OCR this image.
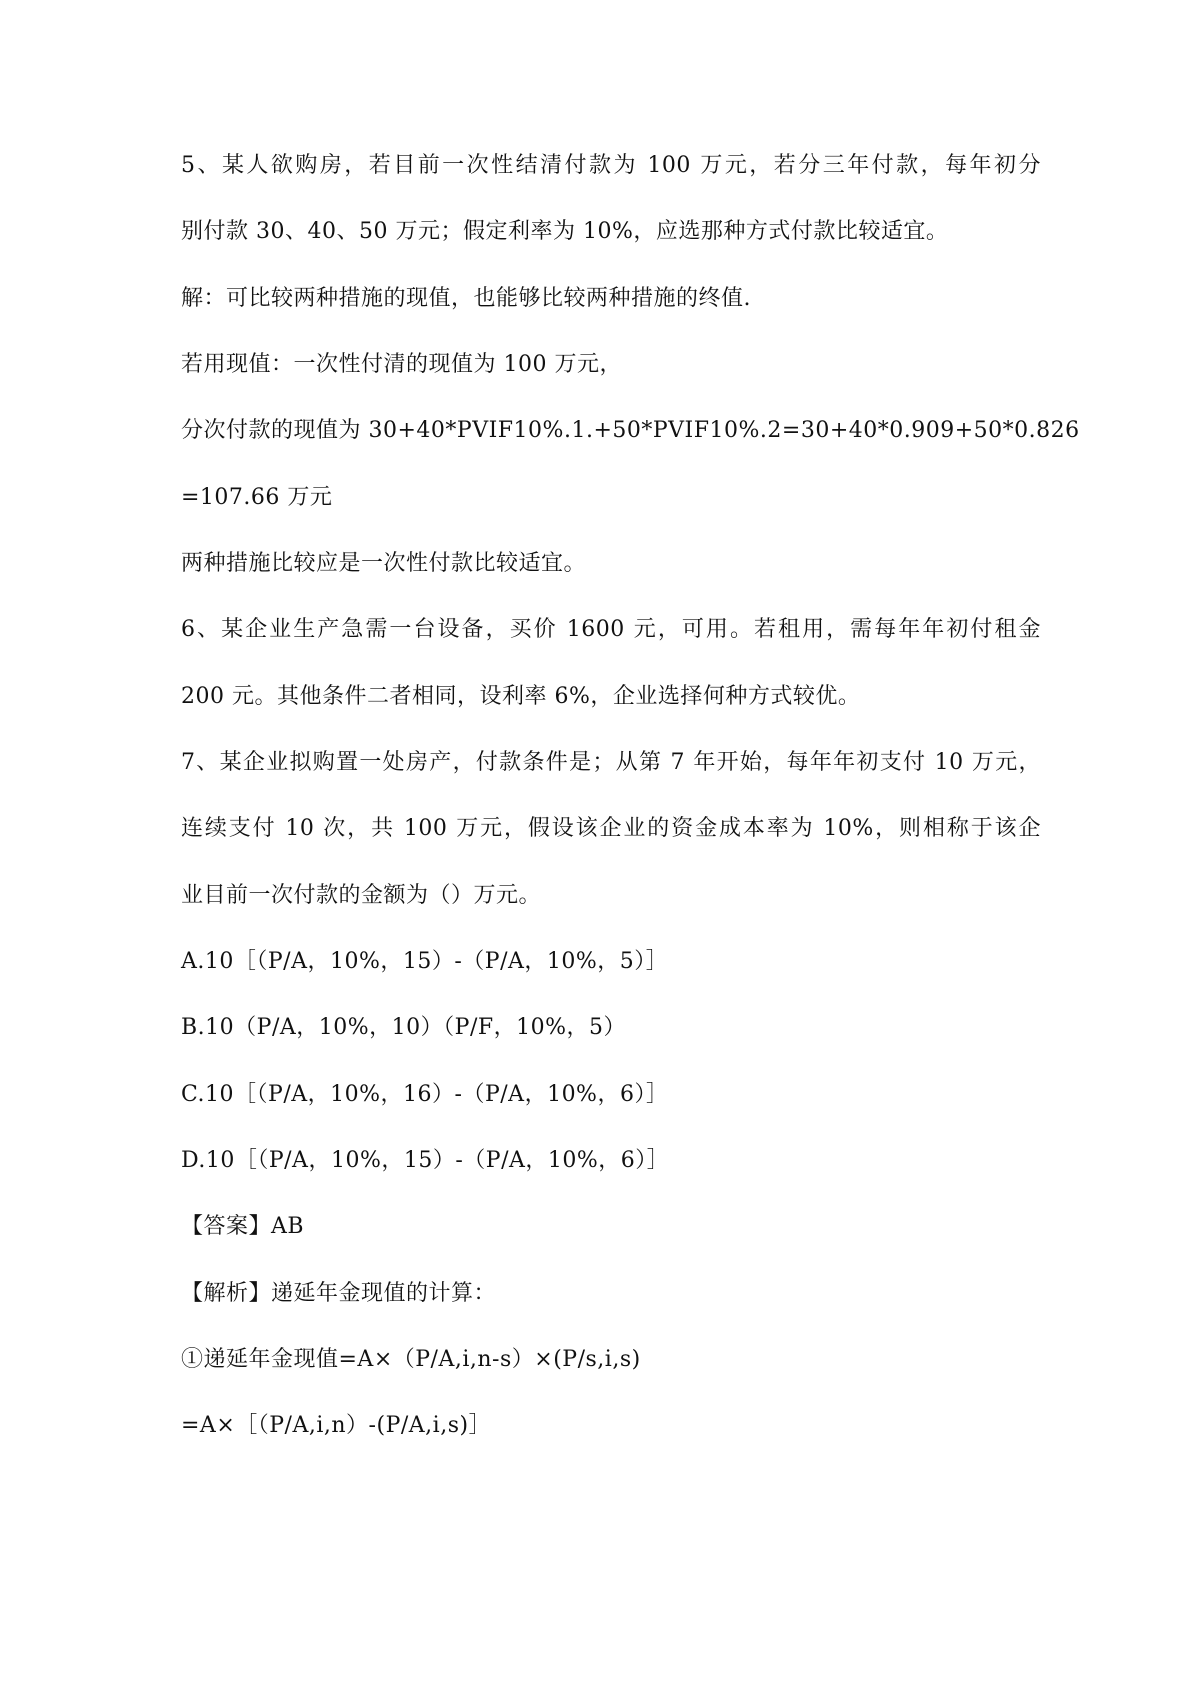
5、某人欲购房，若目前一次性结清付款为 100 万元，若分三年付款，每年初分
别付款 30、40、50 万元；假定利率为 10%，应选那种方式付款比较适宜。
解：可比较两种措施的现值，也能够比较两种措施的终值.
若用现值：一次性付清的现值为 100 万元，
分次付款的现值为 30+40*PVIF10%.1.+50*PVIF10%.2=30+40*0.909+50*0.826
=107.66 万元
两种措施比较应是一次性付款比较适宜。
6、某企业生产急需一台设备，买价 1600 元，可用。若租用，需每年年初付租金
200 元。其他条件二者相同，设利率 6%，企业选择何种方式较优。
7、某企业拟购置一处房产，付款条件是；从第 7 年开始，每年年初支付 10 万元，
连续支付 10 次，共 100 万元，假设该企业的资金成本率为 10%，则相称于该企
业目前一次付款的金额为（）万元。
A.10［（P/A，10%，15）-（P/A，10%，5）］
B.10（P/A，10%，10）（P/F，10%，5）
C.10［（P/A，10%，16）-（P/A，10%，6）］
D.10［（P/A，10%，15）-（P/A，10%，6）］
【答案】AB
【解析】递延年金现值的计算：
①递延年金现值=A×（P/A,i,n-s）×(P/s,i,s)
=A×［（P/A,i,n）-(P/A,i,s)］
